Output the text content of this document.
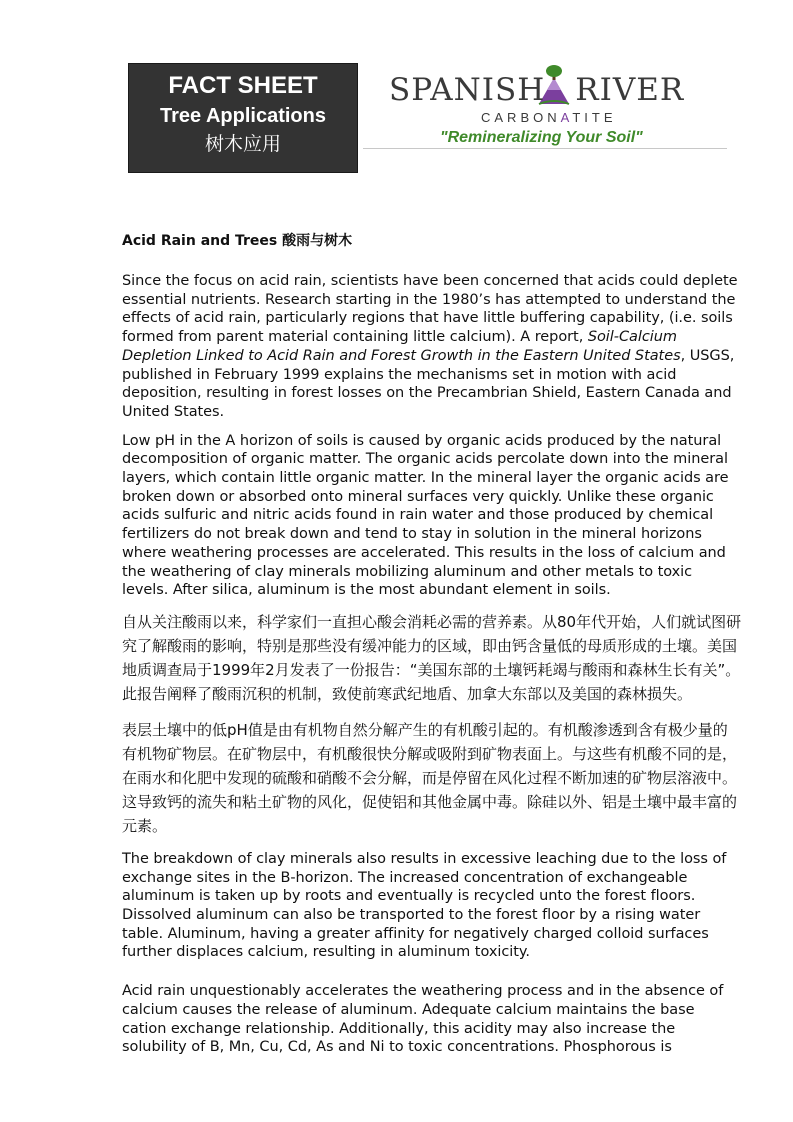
FACT SHEET
Tree Applications
树木应用
SPANISH RIVER
CARBONATITE
"Remineralizing Your Soil"
Acid Rain and Trees 酸雨与树木

Since the focus on acid rain, scientists have been concerned that acids could deplete essential nutrients. Research starting in the 1980’s has attempted to understand the effects of acid rain, particularly regions that have little buffering capability, (i.e. soils formed from parent material containing little calcium). A report, Soil-Calcium Depletion Linked to Acid Rain and Forest Growth in the Eastern United States, USGS, published in February 1999 explains the mechanisms set in motion with acid deposition, resulting in forest losses on the Precambrian Shield, Eastern Canada and United States.

Low pH in the A horizon of soils is caused by organic acids produced by the natural decomposition of organic matter. The organic acids percolate down into the mineral layers, which contain little organic matter. In the mineral layer the organic acids are broken down or absorbed onto mineral surfaces very quickly. Unlike these organic acids sulfuric and nitric acids found in rain water and those produced by chemical fertilizers do not break down and tend to stay in solution in the mineral horizons where weathering processes are accelerated. This results in the loss of calcium and the weathering of clay minerals mobilizing aluminum and other metals to toxic levels. After silica, aluminum is the most abundant element in soils.

自从关注酸雨以来，科学家们一直担心酸会消耗必需的营养素。从80年代开始，人们就试图研究了解酸雨的影响，特别是那些没有缓冲能力的区域，即由钙含量低的母质形成的土壤。美国地质调查局于1999年2月发表了一份报告：“美国东部的土壤钙耗竭与酸雨和森林生长有关”。此报告阐释了酸雨沉积的机制，致使前寒武纪地盾、加拿大东部以及美国的森林损失。

表层土壤中的低pH值是由有机物自然分解产生的有机酸引起的。有机酸渗透到含有极少量的有机物矿物层。在矿物层中，有机酸很快分解或吸附到矿物表面上。与这些有机酸不同的是，在雨水和化肥中发现的硫酸和硝酸不会分解，而是停留在风化过程不断加速的矿物层溶液中。这导致钙的流失和粘土矿物的风化，促使铝和其他金属中毒。除硅以外、铝是土壤中最丰富的元素。

The breakdown of clay minerals also results in excessive leaching due to the loss of exchange sites in the B-horizon. The increased concentration of exchangeable aluminum is taken up by roots and eventually is recycled unto the forest floors. Dissolved aluminum can also be transported to the forest floor by a rising water table. Aluminum, having a greater affinity for negatively charged colloid surfaces further displaces calcium, resulting in aluminum toxicity.

Acid rain unquestionably accelerates the weathering process and in the absence of calcium causes the release of aluminum. Adequate calcium maintains the base cation exchange relationship. Additionally, this acidity may also increase the solubility of B, Mn, Cu, Cd, As and Ni to toxic concentrations. Phosphorous is
